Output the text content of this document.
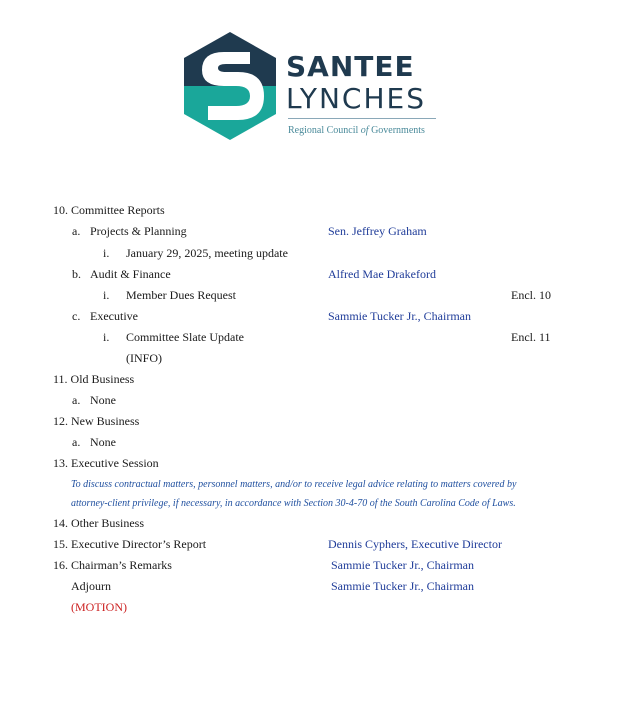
SANTEE
LYNCHES
Regional Council of Governments
10. Committee Reports
a. Projects & Planning	Sen. Jeffrey Graham
i. January 29, 2025, meeting update
b. Audit & Finance	Alfred Mae Drakeford
i. Member Dues Request	Encl. 10
c. Executive	Sammie Tucker Jr., Chairman
i. Committee Slate Update	Encl. 11
(INFO)
11. Old Business
a. None
12. New Business
a. None
13. Executive Session
To discuss contractual matters, personnel matters, and/or to receive legal advice relating to matters covered by
attorney-client privilege, if necessary, in accordance with Section 30-4-70 of the South Carolina Code of Laws.
14. Other Business
15. Executive Director’s Report	Dennis Cyphers, Executive Director
16. Chairman’s Remarks	Sammie Tucker Jr., Chairman
Adjourn	Sammie Tucker Jr., Chairman
(MOTION)
